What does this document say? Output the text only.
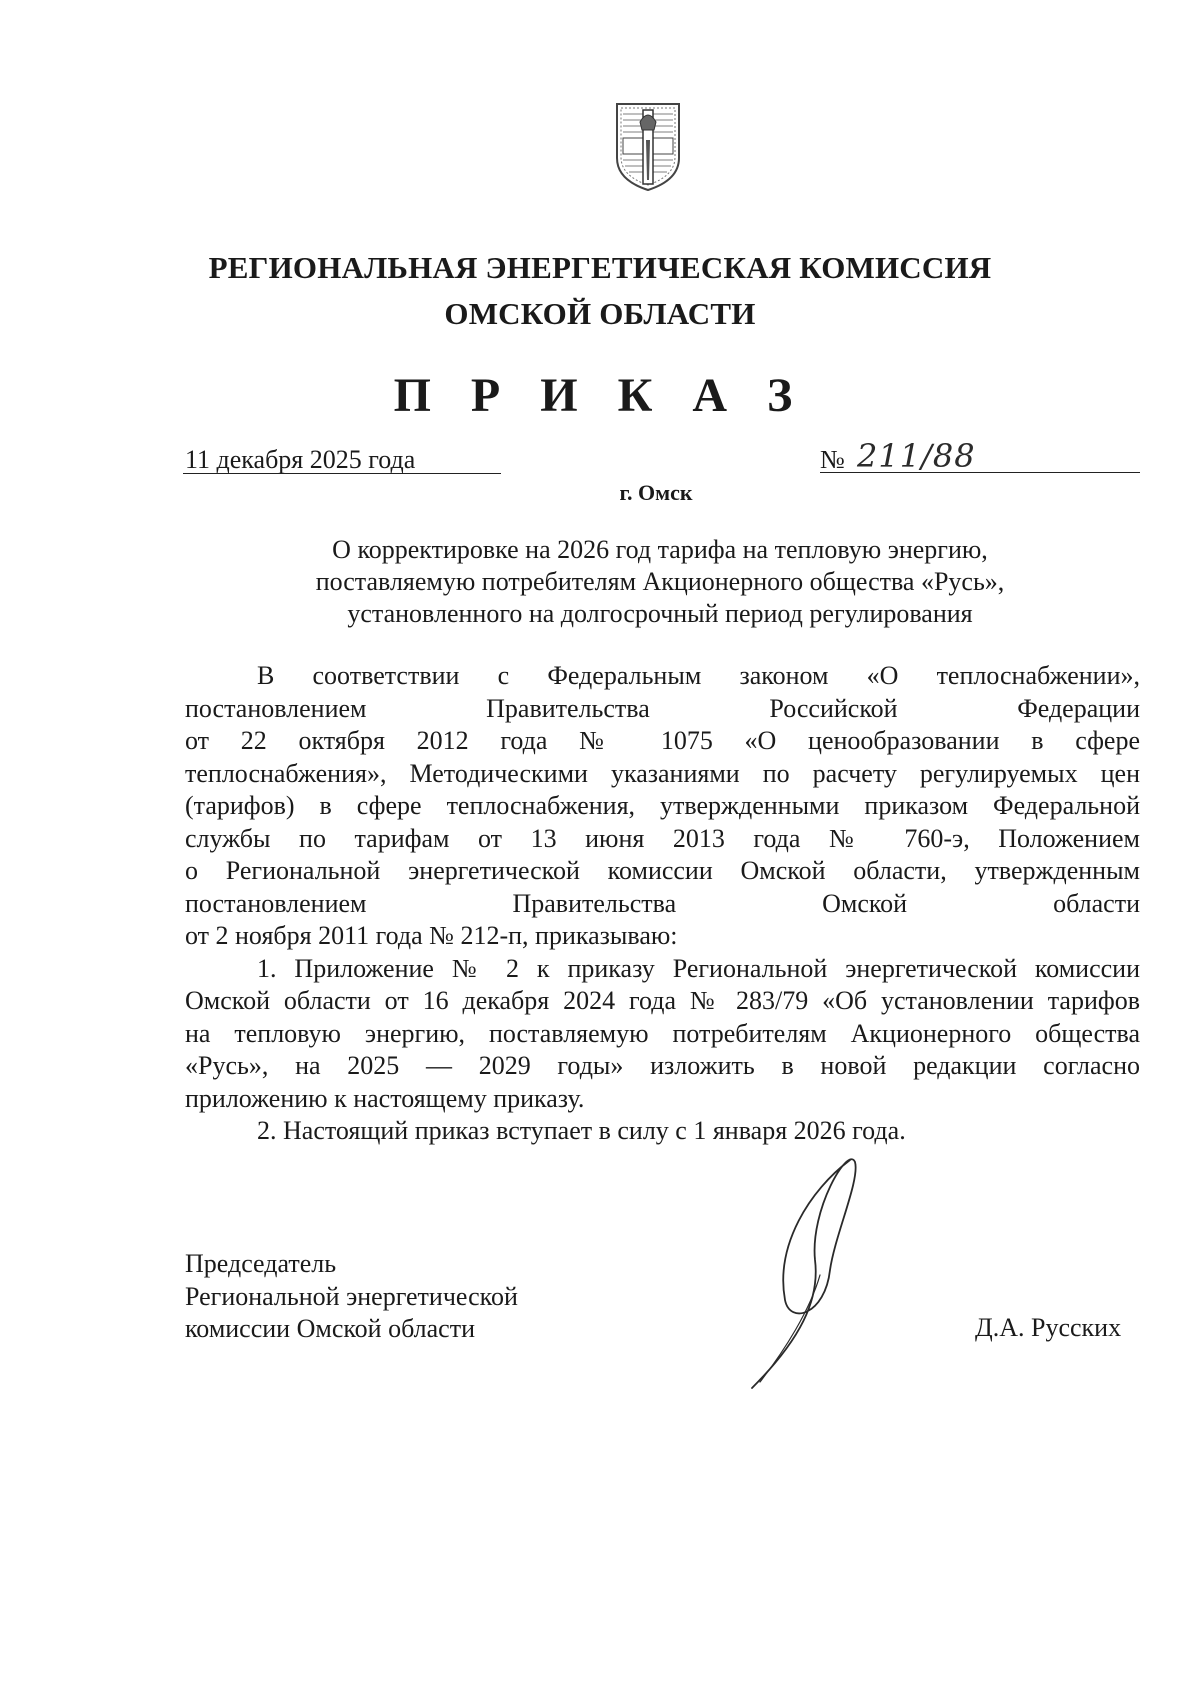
РЕГИОНАЛЬНАЯ ЭНЕРГЕТИЧЕСКАЯ КОМИССИЯ
ОМСКОЙ ОБЛАСТИ
П Р И К А З
11 декабря 2025 года	№ 211/88
г. Омск
О корректировке на 2026 год тарифа на тепловую энергию,
поставляемую потребителям Акционерного общества «Русь»,
установленного на долгосрочный период регулирования
В соответствии с Федеральным законом «О теплоснабжении»,
постановлением Правительства Российской Федерации
от 22 октября 2012 года № 1075 «О ценообразовании в сфере
теплоснабжения», Методическими указаниями по расчету регулируемых цен
(тарифов) в сфере теплоснабжения, утвержденными приказом Федеральной
службы по тарифам от 13 июня 2013 года № 760-э, Положением
о Региональной энергетической комиссии Омской области, утвержденным
постановлением Правительства Омской области
от 2 ноября 2011 года № 212-п, приказываю:
1. Приложение № 2 к приказу Региональной энергетической комиссии
Омской области от 16 декабря 2024 года № 283/79 «Об установлении тарифов
на тепловую энергию, поставляемую потребителям Акционерного общества
«Русь», на 2025 — 2029 годы» изложить в новой редакции согласно
приложению к настоящему приказу.
2. Настоящий приказ вступает в силу с 1 января 2026 года.
Председатель
Региональной энергетической
комиссии Омской области	Д.А. Русских
